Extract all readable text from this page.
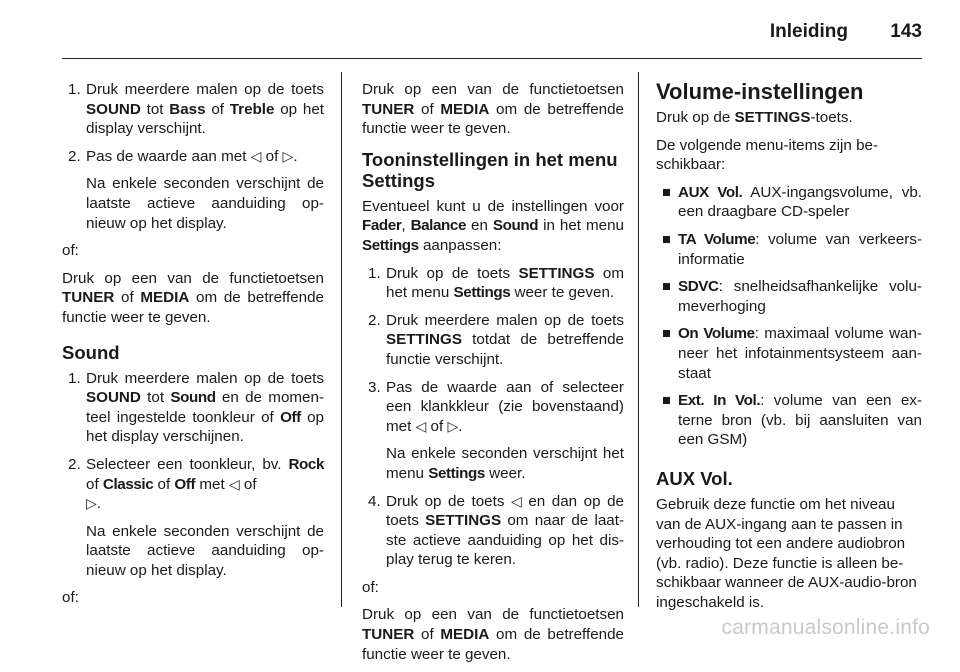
Inleiding 143
1. Druk meerdere malen op de toets SOUND tot Bass of Treble op het display verschijnt.
2. Pas de waarde aan met ◁ of ▷.

Na enkele seconden verschijnt de laatste actieve aanduiding op-nieuw op het display.

of:

Druk op een van de functietoetsen TUNER of MEDIA om de betreffende functie weer te geven.

Sound
1. Druk meerdere malen op de toets SOUND tot Sound en de momen-teel ingestelde toonkleur of Off op het display verschijnen.
2. Selecteer een toonkleur, bv. Rock of Classic of Off met ◁ of
▷.

Na enkele seconden verschijnt de laatste actieve aanduiding op-nieuw op het display.

of:

Druk op een van de functietoetsen TUNER of MEDIA om de betreffende functie weer te geven.

Tooninstellingen in het menu Settings

Eventueel kunt u de instellingen voor Fader, Balance en Sound in het menu Settings aanpassen:

1. Druk op de toets SETTINGS om het menu Settings weer te geven.
2. Druk meerdere malen op de toets SETTINGS totdat de betreffende functie verschijnt.
3. Pas de waarde aan of selecteer een klankkleur (zie bovenstaand) met ◁ of ▷.

Na enkele seconden verschijnt het menu Settings weer.

4. Druk op de toets ◁ en dan op de toets SETTINGS om naar de laat-ste actieve aanduiding op het dis-play terug te keren.

of:

Druk op een van de functietoetsen TUNER of MEDIA om de betreffende functie weer te geven.

Volume-instellingen

Druk op de SETTINGS-toets.

De volgende menu-items zijn be-schikbaar:

AUX Vol. AUX-ingangsvolume, vb. een draagbare CD-speler
TA Volume: volume van verkeers-informatie
SDVC: snelheidsafhankelijke volu-meverhoging
On Volume: maximaal volume wan-neer het infotainmentsysteem aan-staat
Ext. In Vol.: volume van een ex-terne bron (vb. bij aansluiten van een GSM)
AUX Vol.

Gebruik deze functie om het niveau van de AUX-ingang aan te passen in verhouding tot een andere audiobron (vb. radio). Deze functie is alleen be-schikbaar wanneer de AUX-audio-bron ingeschakeld is.

carmanualsonline.info
